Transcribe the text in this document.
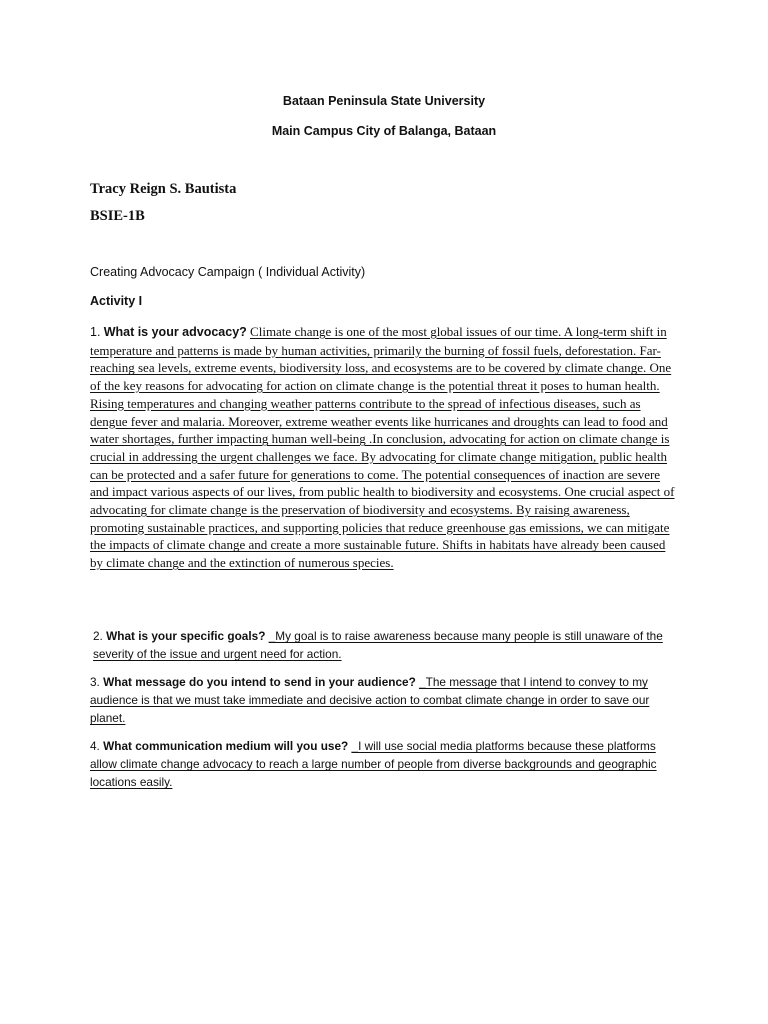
Bataan Peninsula State University
Main Campus City of Balanga, Bataan
Tracy Reign S. Bautista
BSIE-1B
Creating Advocacy Campaign ( Individual Activity)
Activity I
1. What is your advocacy? Climate change is one of the most global issues of our time. A long-term shift in temperature and patterns is made by human activities, primarily the burning of fossil fuels, deforestation. Far-reaching sea levels, extreme events, biodiversity loss, and ecosystems are to be covered by climate change. One of the key reasons for advocating for action on climate change is the potential threat it poses to human health. Rising temperatures and changing weather patterns contribute to the spread of infectious diseases, such as dengue fever and malaria. Moreover, extreme weather events like hurricanes and droughts can lead to food and water shortages, further impacting human well-being .In conclusion, advocating for action on climate change is crucial in addressing the urgent challenges we face. By advocating for climate change mitigation, public health can be protected and a safer future for generations to come. The potential consequences of inaction are severe and impact various aspects of our lives, from public health to biodiversity and ecosystems. One crucial aspect of advocating for climate change is the preservation of biodiversity and ecosystems. By raising awareness, promoting sustainable practices, and supporting policies that reduce greenhouse gas emissions, we can mitigate the impacts of climate change and create a more sustainable future. Shifts in habitats have already been caused by climate change and the extinction of numerous species.
2. What is your specific goals? _My goal is to raise awareness because many people is still unaware of the severity of the issue and urgent need for action.
3. What message do you intend to send in your audience? _The message that I intend to convey to my audience is that we must take immediate and decisive action to combat climate change in order to save our planet.
4. What communication medium will you use? _I will use social media platforms because these platforms allow climate change advocacy to reach a large number of people from diverse backgrounds and geographic locations easily.
